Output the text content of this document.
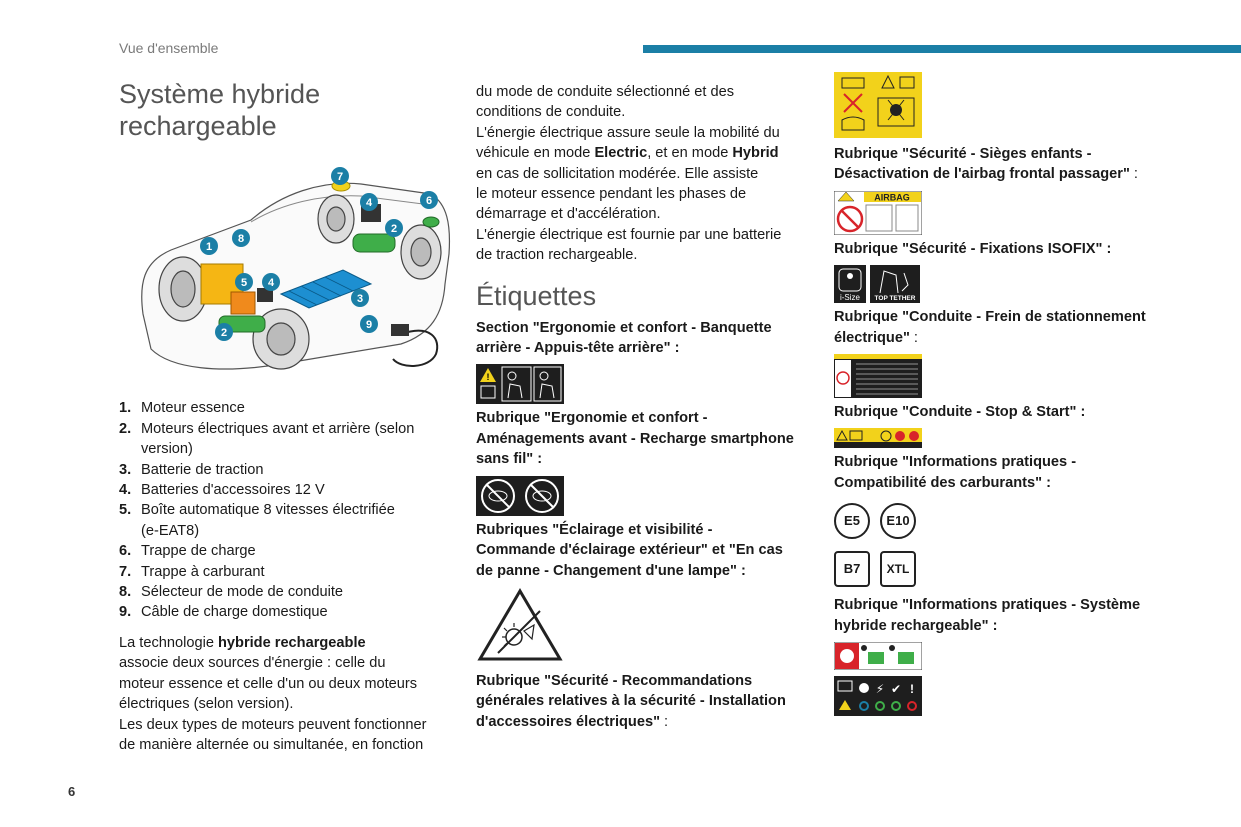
Vue d'ensemble
Système hybride
rechargeable
1
8
5 4
2
7
4	6
2
3
9
1. Moteur essence
2. Moteurs électriques avant et arrière (selon
version)
3. Batterie de traction
4. Batteries d'accessoires 12 V
5. Boîte automatique 8 vitesses électrifiée
(e-EAT8)
6. Trappe de charge
7. Trappe à carburant
8. Sélecteur de mode de conduite
9. Câble de charge domestique

La technologie hybride rechargeable
associe deux sources d'énergie : celle du
moteur essence et celle d'un ou deux moteurs
électriques (selon version).
Les deux types de moteurs peuvent fonctionner
de manière alternée ou simultanée, en fonction

du mode de conduite sélectionné et des
conditions de conduite.
L'énergie électrique assure seule la mobilité du
véhicule en mode Electric, et en mode Hybrid
en cas de sollicitation modérée. Elle assiste
le moteur essence pendant les phases de
démarrage et d'accélération.
L'énergie électrique est fournie par une batterie
de traction rechargeable.

Étiquettes
Section "Ergonomie et confort - Banquette
arrière - Appuis-tête arrière" :
!
Rubrique "Ergonomie et confort -
Aménagements avant - Recharge smartphone
sans fil" :
Rubriques "Éclairage et visibilité -
Commande d'éclairage extérieur" et "En cas
de panne - Changement d'une lampe" :
Rubrique "Sécurité - Recommandations
générales relatives à la sécurité - Installation
d'accessoires électriques" :
Rubrique "Sécurité - Sièges enfants -
Désactivation de l'airbag frontal passager" :
AIRBAG
Rubrique "Sécurité - Fixations ISOFIX" :
i-Size TOP TETHER
Rubrique "Conduite - Frein de stationnement
électrique" :
Rubrique "Conduite - Stop & Start" :
Rubrique "Informations pratiques -
Compatibilité des carburants" :
E5	E10
B7	XTL
Rubrique "Informations pratiques - Système
hybride rechargeable" :
⚡ ✔ !
6
